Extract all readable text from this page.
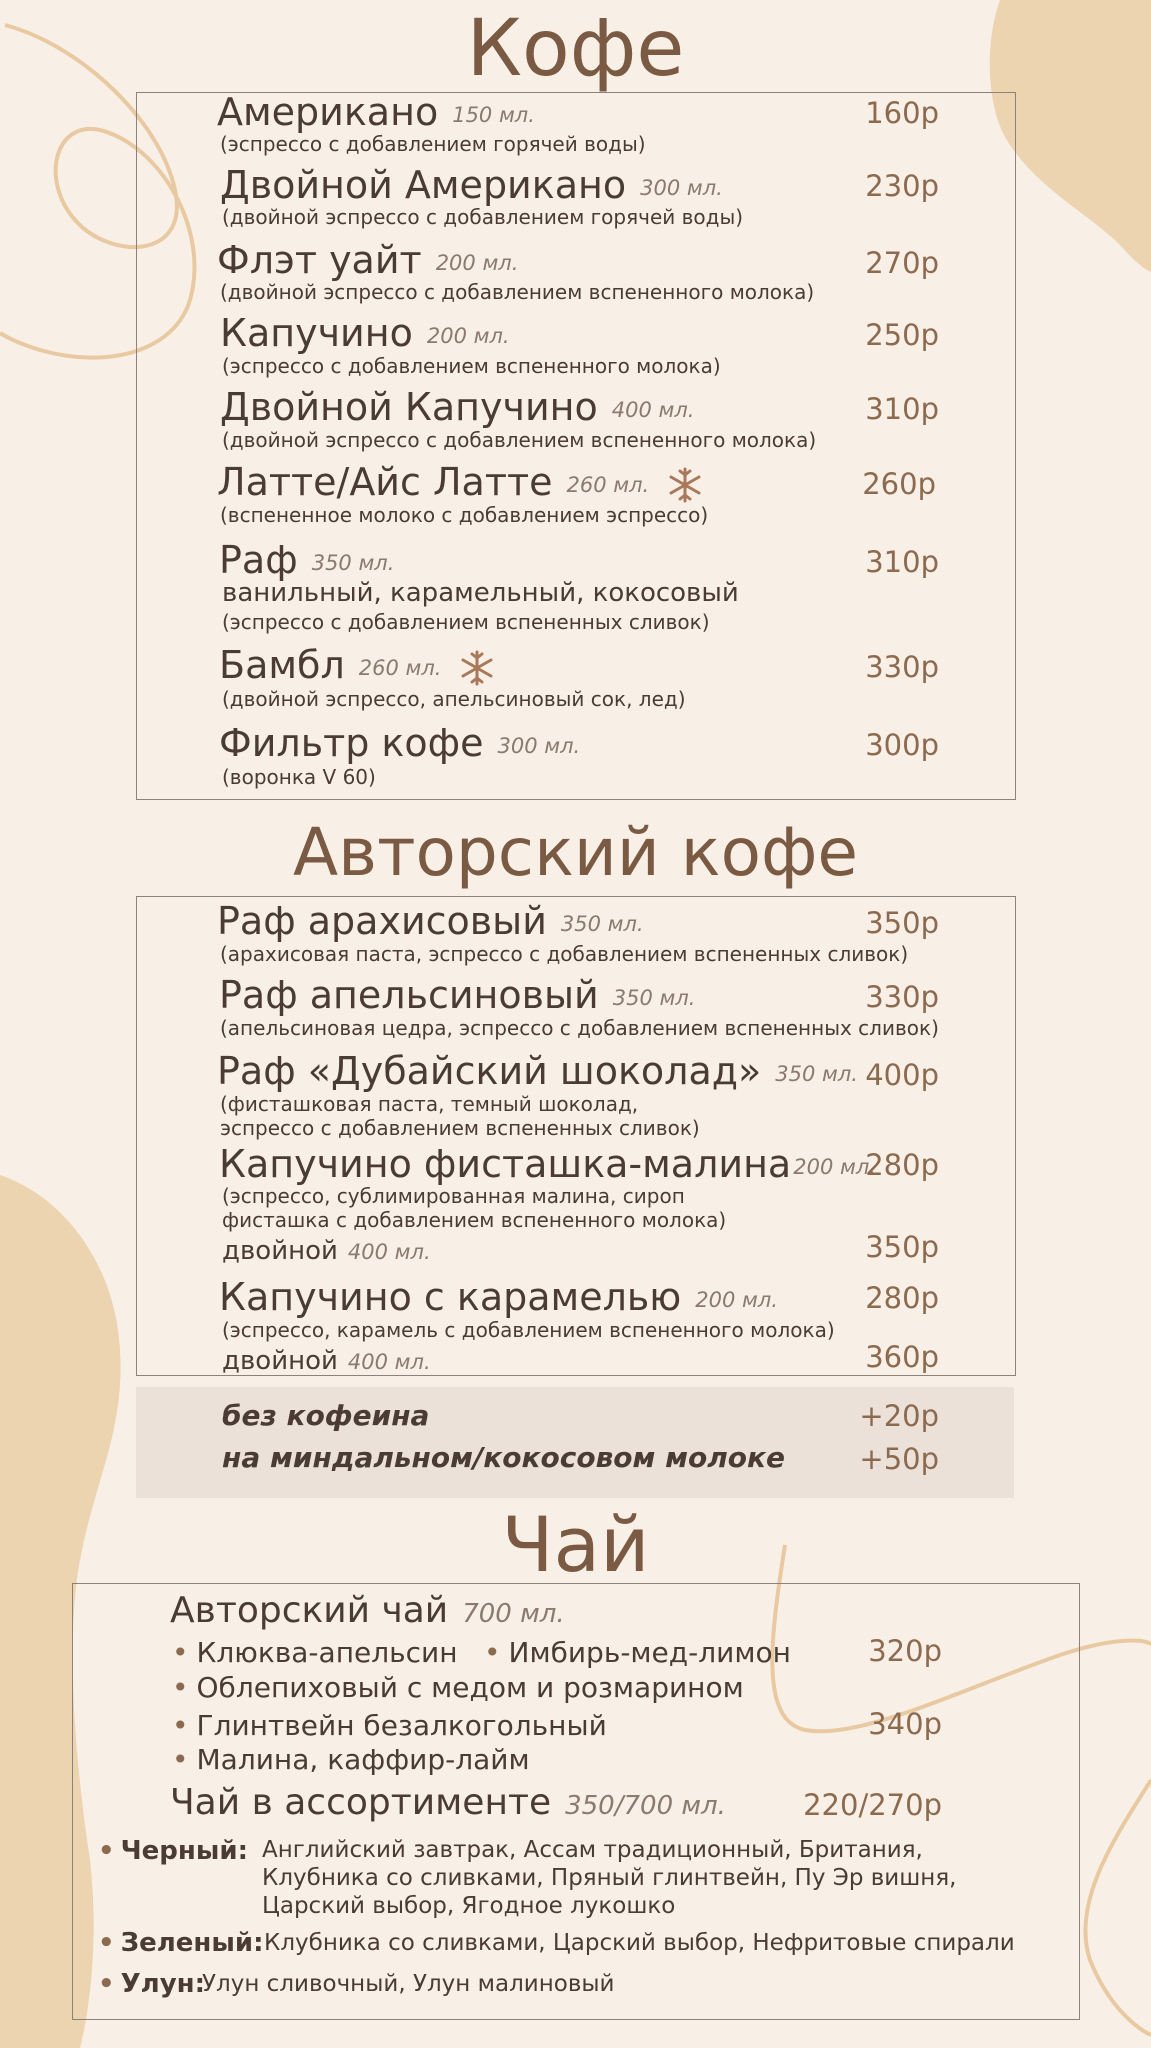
Кофе
Американо 150 мл.
(эспрессо с добавлением горячей воды)
160р
Двойной Американо 300 мл.
(двойной эспрессо с добавлением горячей воды)
230р
Флэт уайт 200 мл.
(двойной эспрессо с добавлением вспененного молока)
270р
Капучино 200 мл.
(эспрессо с добавлением вспененного молока)
250р
Двойной Капучино 400 мл.
(двойной эспрессо с добавлением вспененного молока)
310р
Латте/Айс Латте 260 мл.
(вспененное молоко с добавлением эспрессо)
260р
Раф 350 мл.
ванильный, карамельный, кокосовый
(эспрессо с добавлением вспененных сливок)
310р
Бамбл 260 мл.
(двойной эспрессо, апельсиновый сок, лед)
330р
Фильтр кофе 300 мл.
(воронка V 60)
300р
Авторский кофе
Раф арахисовый 350 мл.
(арахисовая паста, эспрессо с добавлением вспененных сливок)
350р
Раф апельсиновый 350 мл.
(апельсиновая цедра, эспрессо с добавлением вспененных сливок)
330р
Раф «Дубайский шоколад» 350 мл.
(фисташковая паста, темный шоколад,
эспрессо с добавлением вспененных сливок)
400р
Капучино фисташка-малина200 мл.
(эспрессо, сублимированная малина, сироп
фисташка с добавлением вспененного молока)
280р
двойной 400 мл.	350р
Капучино с карамелью 200 мл.
(эспрессо, карамель с добавлением вспененного молока)
280р
двойной 400 мл.	360р
без кофеина	+20р
на миндальном/кокосовом молоке	+50р
Чай
Авторский чай 700 мл.
• Клюква-апельсин
•	Имбирь-мед-лимон	320р
• Облепиховый с медом и розмарином
• Глинтвейн безалкогольный	340р
• Малина, каффир-лайм
Чай в ассортименте 350/700 мл.	220/270р
• Черный: Английский завтрак, Ассам традиционный, Британия,
Клубника со сливками, Пряный глинтвейн, Пу Эр вишня,
Царский выбор, Ягодное лукошко
• Зеленый: Клубника со сливками, Царский выбор, Нефритовые спирали
• Улун:
Улун сливочный, Улун малиновый
